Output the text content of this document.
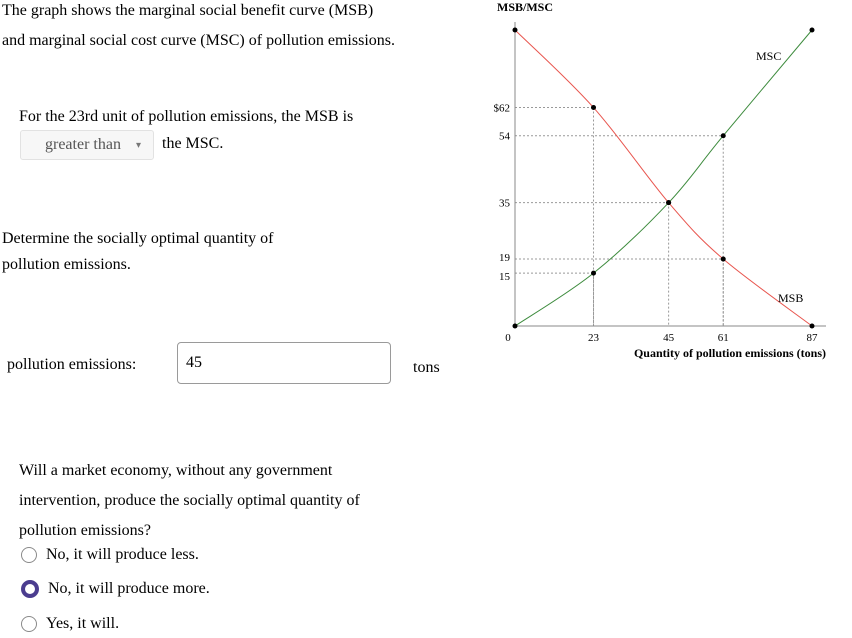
The graph shows the marginal social benefit curve (MSB)
and marginal social cost curve (MSC) of pollution emissions.
For the 23rd unit of pollution emissions, the MSB is
greater than ▾ the MSC.
Determine the socially optimal quantity of
pollution emissions.
pollution emissions:
45	tons
Will a market economy, without any government
intervention, produce the socially optimal quantity of
pollution emissions?
No, it will produce less.
No, it will produce more.
Yes, it will.
MSB/MSC
$62
54
35
19
15
0	23	45	61	87
MSC
MSB
Quantity of pollution emissions (tons)
